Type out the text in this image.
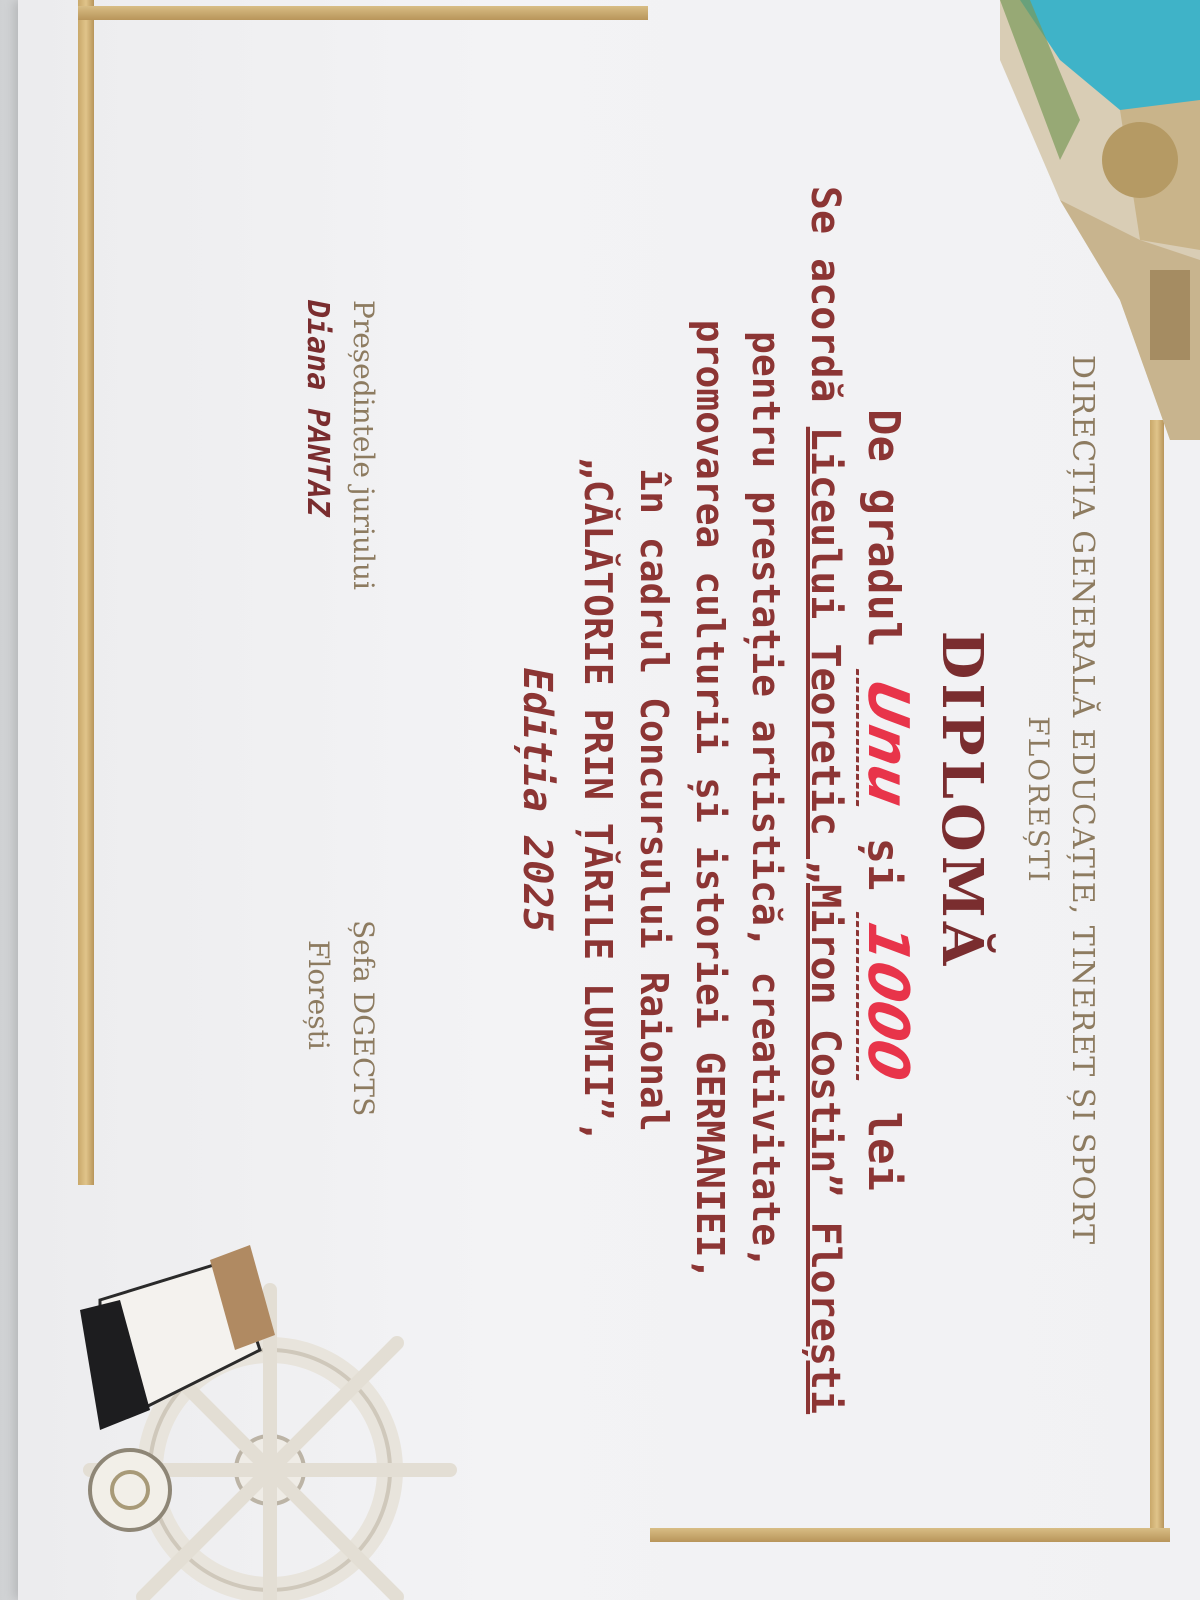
DIRECȚIA GENERALĂ EDUCAȚIE, TINERET ȘI SPORT
FLOREȘTI
DIPLOMĂ
De gradul Unu și 1000 lei
Se acordă Liceului Teoretic „Miron Costin” Florești
pentru prestație artistică, creativitate,
promovarea culturii și istoriei GERMANIEI,
în cadrul Concursului Raional
„CĂLĂTORIE PRIN ȚĂRILE LUMII”,
Ediția 2025
Președintele juriului
Diana PANTAZ
Șefa DGECTS
Florești
